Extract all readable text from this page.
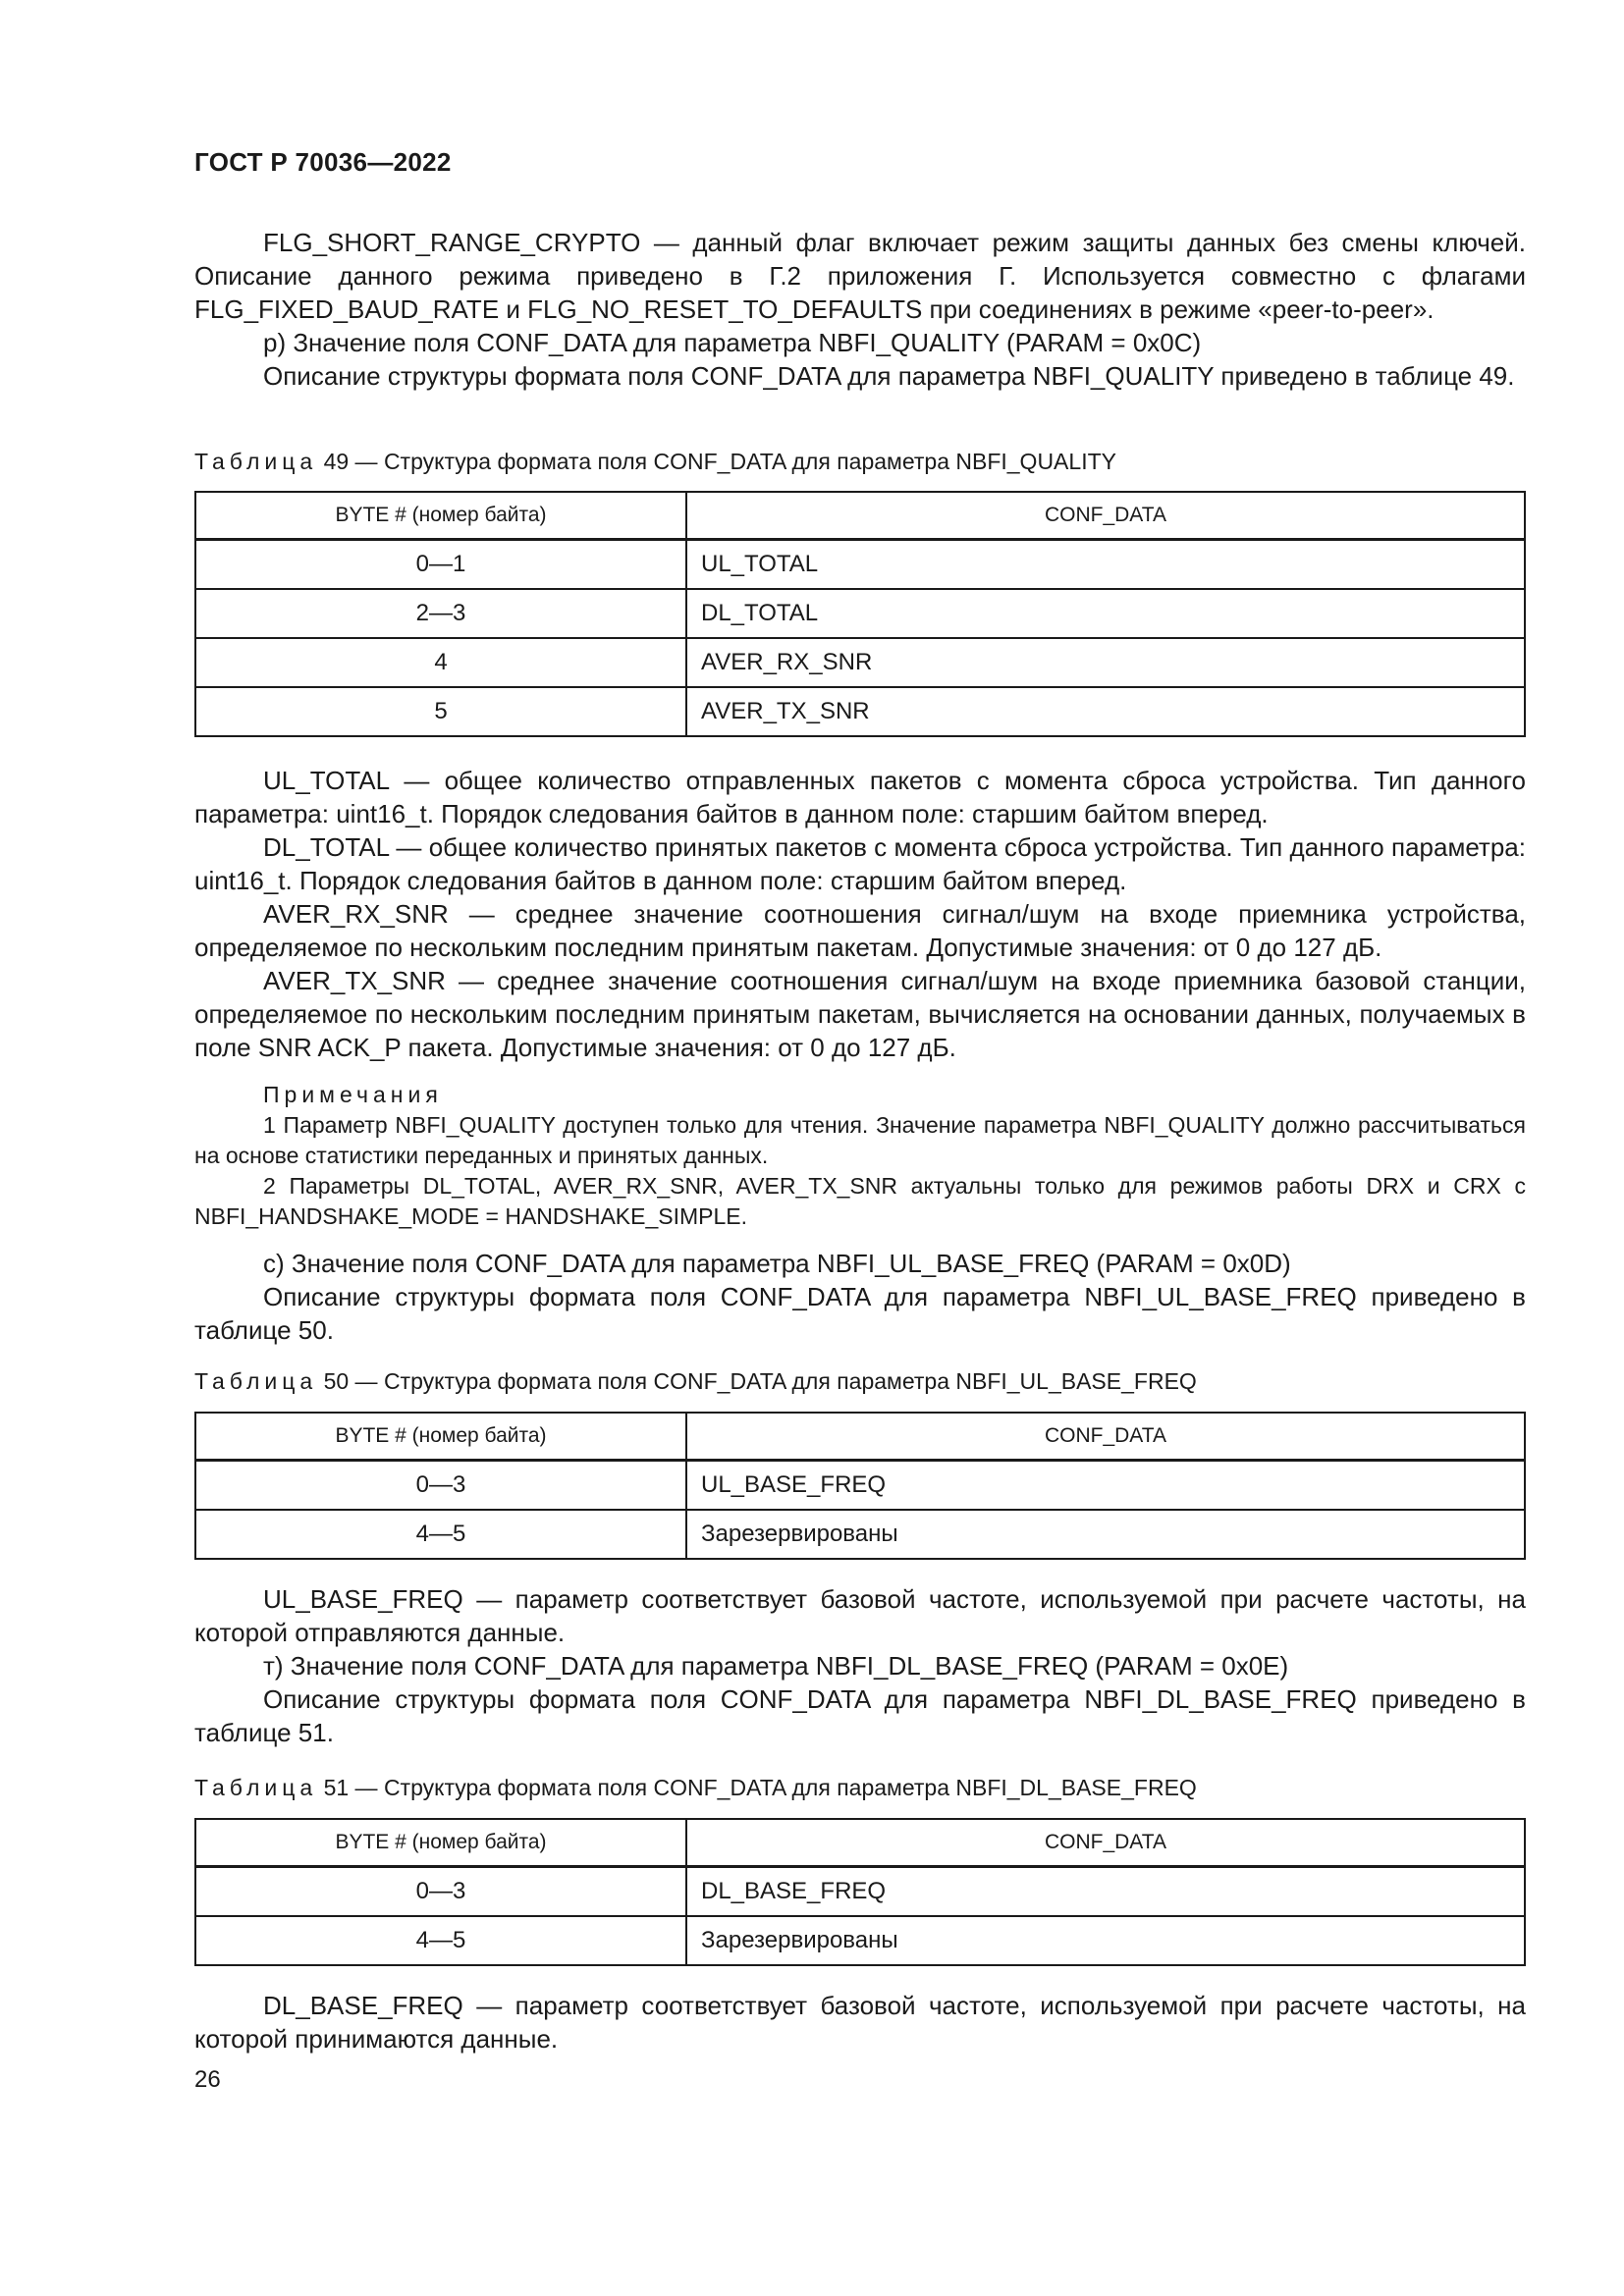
ГОСТ Р 70036—2022

FLG_SHORT_RANGE_CRYPTO — данный флаг включает режим защиты данных без смены ключей. Описание данного режима приведено в Г.2 приложения Г. Используется совместно с флагами FLG_FIXED_BAUD_RATE и FLG_NO_RESET_TO_DEFAULTS при соединениях в режиме «peer-to-peer».

р) Значение поля CONF_DATA для параметра NBFI_QUALITY (PARAM = 0x0C)

Описание структуры формата поля CONF_DATA для параметра NBFI_QUALITY приведено в таблице 49.

Таблица 49 — Структура формата поля CONF_DATA для параметра NBFI_QUALITY
BYTE # (номер байта)	CONF_DATA
0—1	UL_TOTAL
2—3	DL_TOTAL
4	AVER_RX_SNR
5	AVER_TX_SNR

UL_TOTAL — общее количество отправленных пакетов с момента сброса устройства. Тип данного параметра: uint16_t. Порядок следования байтов в данном поле: старшим байтом вперед.

DL_TOTAL — общее количество принятых пакетов с момента сброса устройства. Тип данного параметра: uint16_t. Порядок следования байтов в данном поле: старшим байтом вперед.

AVER_RX_SNR — среднее значение соотношения сигнал/шум на входе приемника устройства, определяемое по нескольким последним принятым пакетам. Допустимые значения: от 0 до 127 дБ.

AVER_TX_SNR — среднее значение соотношения сигнал/шум на входе приемника базовой станции, определяемое по нескольким последним принятым пакетам, вычисляется на основании данных, получаемых в поле SNR ACK_P пакета. Допустимые значения: от 0 до 127 дБ.

Примечания

1 Параметр NBFI_QUALITY доступен только для чтения. Значение параметра NBFI_QUALITY должно рассчитываться на основе статистики переданных и принятых данных.

2 Параметры DL_TOTAL, AVER_RX_SNR, AVER_TX_SNR актуальны только для режимов работы DRX и CRX с NBFI_HANDSHAKE_MODE = HANDSHAKE_SIMPLE.

с) Значение поля CONF_DATA для параметра NBFI_UL_BASE_FREQ (PARAM = 0x0D)

Описание структуры формата поля CONF_DATA для параметра NBFI_UL_BASE_FREQ приведено в таблице 50.

Таблица 50 — Структура формата поля CONF_DATA для параметра NBFI_UL_BASE_FREQ
BYTE # (номер байта)	CONF_DATA
0—3	UL_BASE_FREQ
4—5	Зарезервированы

UL_BASE_FREQ — параметр соответствует базовой частоте, используемой при расчете частоты, на которой отправляются данные.

т) Значение поля CONF_DATA для параметра NBFI_DL_BASE_FREQ (PARAM = 0x0E)

Описание структуры формата поля CONF_DATA для параметра NBFI_DL_BASE_FREQ приведено в таблице 51.

Таблица 51 — Структура формата поля CONF_DATA для параметра NBFI_DL_BASE_FREQ
BYTE # (номер байта)	CONF_DATA
0—3	DL_BASE_FREQ
4—5	Зарезервированы

DL_BASE_FREQ — параметр соответствует базовой частоте, используемой при расчете частоты, на которой принимаются данные.

26
